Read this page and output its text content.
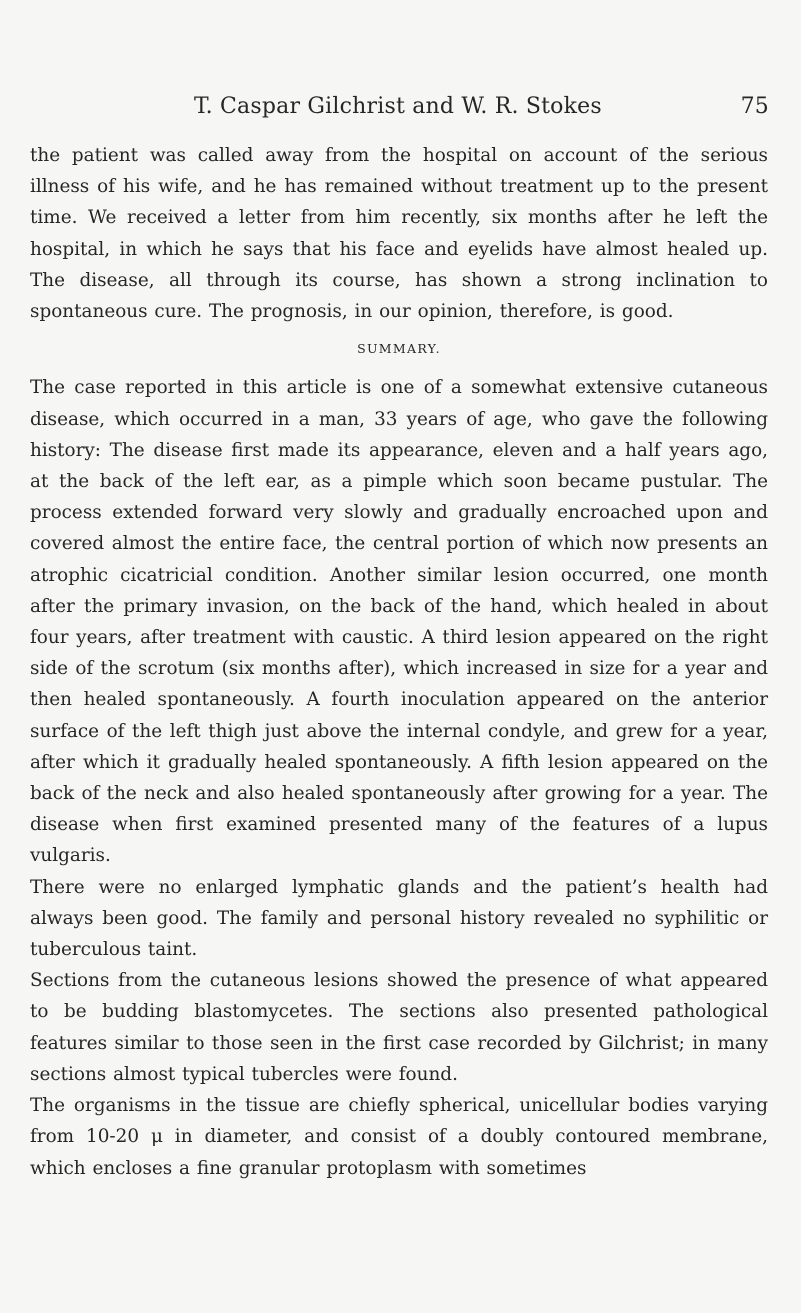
T. Caspar Gilchrist and W. R. Stokes	75

the patient was called away from the hospital on account of the serious illness of his wife, and he has remained without treatment up to the present time. We received a letter from him recently, six months after he left the hospital, in which he says that his face and eyelids have almost healed up. The disease, all through its course, has shown a strong inclination to spontaneous cure. The prognosis, in our opinion, therefore, is good.

SUMMARY.

The case reported in this article is one of a somewhat extensive cutaneous disease, which occurred in a man, 33 years of age, who gave the following history: The disease first made its appearance, eleven and a half years ago, at the back of the left ear, as a pimple which soon became pustular. The process extended forward very slowly and gradually encroached upon and covered almost the entire face, the central portion of which now presents an atrophic cicatricial condition. Another similar lesion occurred, one month after the primary invasion, on the back of the hand, which healed in about four years, after treatment with caustic. A third lesion appeared on the right side of the scrotum (six months after), which increased in size for a year and then healed spontaneously. A fourth inoculation appeared on the anterior surface of the left thigh just above the internal condyle, and grew for a year, after which it gradually healed spontaneously. A fifth lesion appeared on the back of the neck and also healed spontaneously after growing for a year. The disease when first examined presented many of the features of a lupus vulgaris.

There were no enlarged lymphatic glands and the patient’s health had always been good. The family and personal history revealed no syphilitic or tuberculous taint.

Sections from the cutaneous lesions showed the presence of what appeared to be budding blastomycetes. The sections also presented pathological features similar to those seen in the first case recorded by Gilchrist; in many sections almost typical tubercles were found.

The organisms in the tissue are chiefly spherical, unicellular bodies varying from 10-20 μ in diameter, and consist of a doubly contoured membrane, which encloses a fine granular protoplasm with sometimes
